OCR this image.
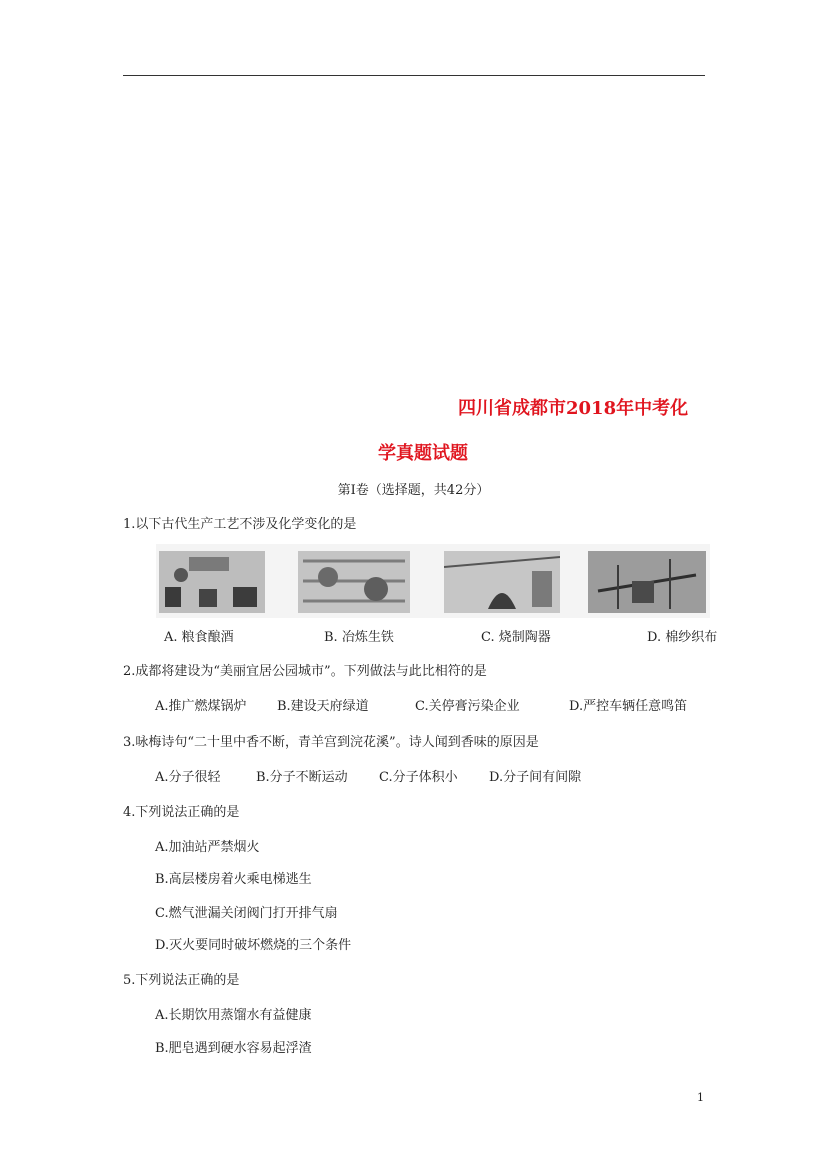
四川省成都市2018年中考化
学真题试题
第Ⅰ卷（选择题，共42分）
1.以下古代生产工艺不涉及化学变化的是
A. 粮食酿酒	B. 冶炼生铁	C. 烧制陶器	D. 棉纱织布
2.成都将建设为“美丽宜居公园城市”。下列做法与此比相符的是
A.推广燃煤锅炉 B.建设天府绿道	C.关停膏污染企业	D.严控车辆任意鸣笛
3.咏梅诗句“二十里中香不断，青羊宫到浣花溪”。诗人闻到香味的原因是
A.分子很轻	B.分子不断运动 C.分子体积小 D.分子间有间隙
4.下列说法正确的是
A.加油站严禁烟火
B.高层楼房着火乘电梯逃生
C.燃气泄漏关闭阀门打开排气扇
D.灭火要同时破坏燃烧的三个条件
5.下列说法正确的是
A.长期饮用蒸馏水有益健康
B.肥皂遇到硬水容易起浮渣
1
